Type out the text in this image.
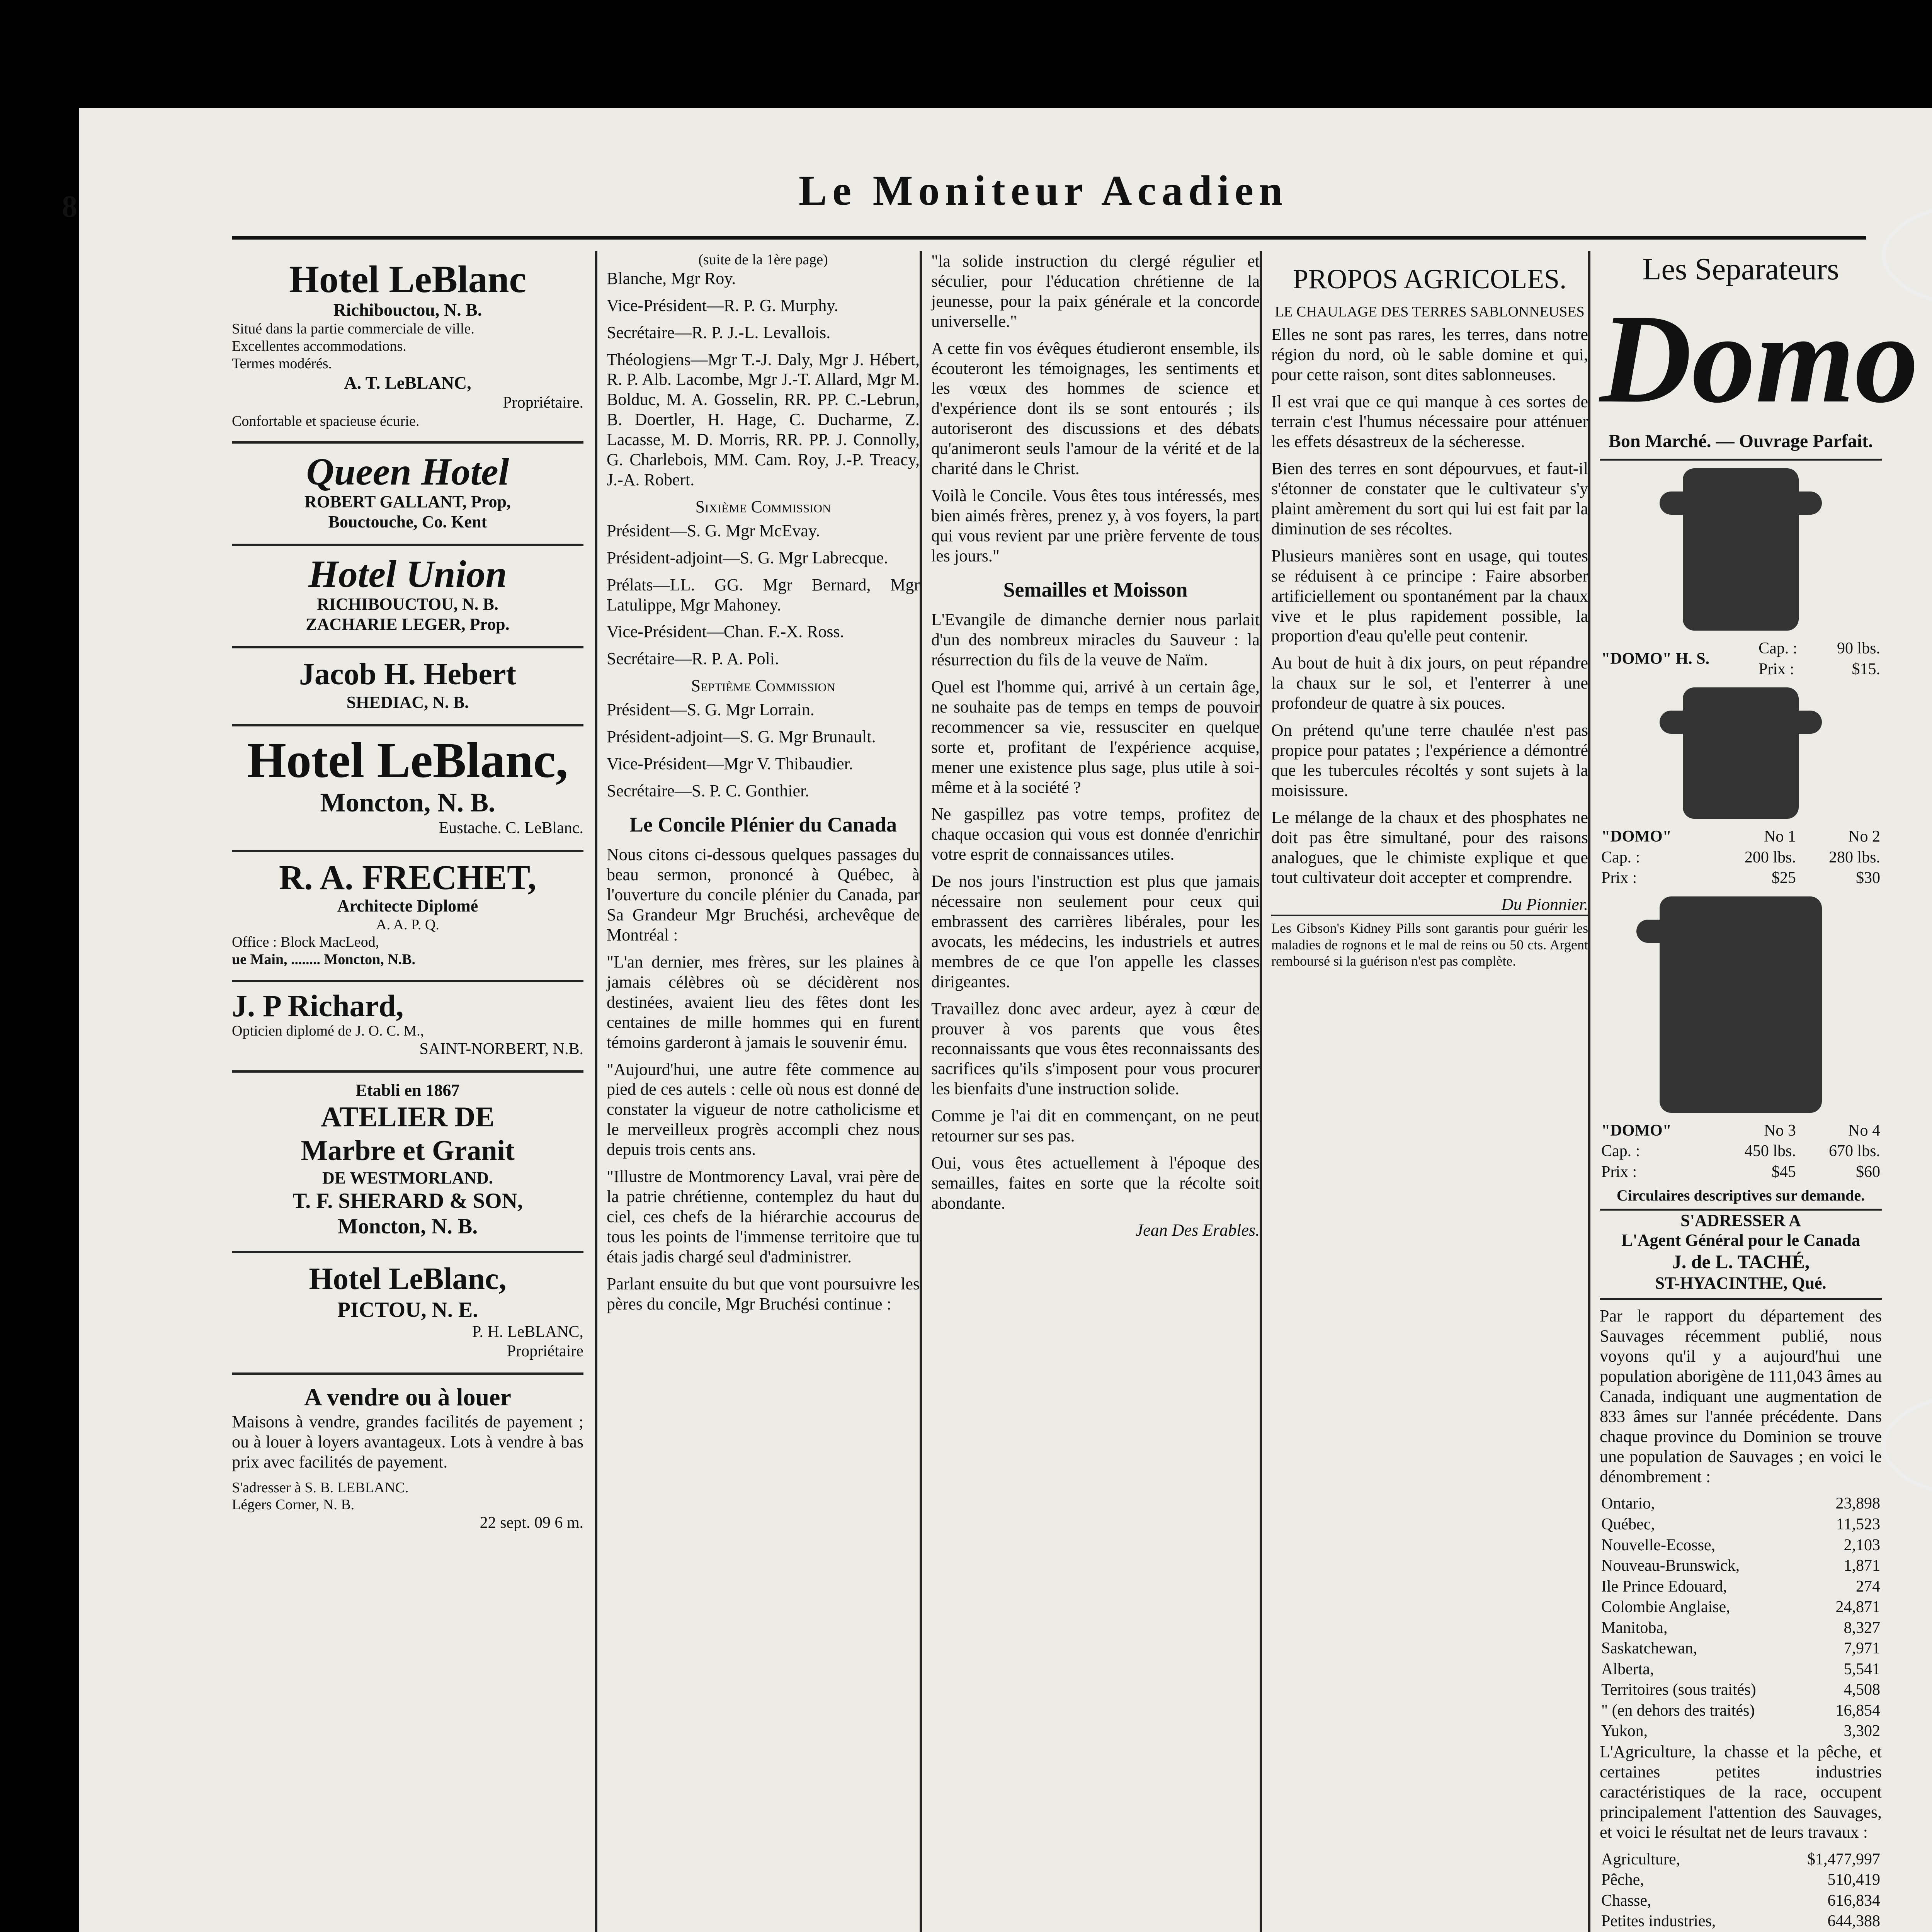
8	Le Moniteur Acadien
Hotel LeBlanc
Richibouctou, N. B.
Situé dans la partie commerciale de ville.
Excellentes accommodations.
Termes modérés.
A. T. LeBLANC,
Propriétaire.
Confortable et spacieuse écurie.
Queen Hotel
ROBERT GALLANT, Prop,
Bouctouche, Co. Kent
Hotel Union
RICHIBOUCTOU, N. B.
ZACHARIE LEGER, Prop.
Jacob H. Hebert
SHEDIAC, N. B.
Hotel LeBlanc,
Moncton, N. B.
Eustache. C. LeBlanc.
R. A. FRECHET,
Architecte Diplomé
A. A. P. Q.
Office : Block MacLeod,
ue Main, ........ Moncton, N.B.
J. P Richard,
Opticien diplomé de J. O. C. M.,
SAINT-NORBERT, N.B.
Etabli en 1867
ATELIER DE
Marbre et Granit
DE WESTMORLAND.
T. F. SHERARD & SON,
Moncton, N. B.
Hotel LeBlanc,
PICTOU, N. E.
P. H. LeBLANC,
Propriétaire
A vendre ou à louer

Maisons à vendre, grandes facilités de payement ; ou à louer à loyers avantageux. Lots à vendre à bas prix avec facilités de payement.

S'adresser à S. B. LEBLANC.
Légers Corner, N. B.
22 sept. 09 6 m.
(suite de la 1ère page)

Blanche, Mgr Roy.

Vice-Président—R. P. G. Murphy.

Secrétaire—R. P. J.-L. Levallois.

Théologiens—Mgr T.-J. Daly, Mgr J. Hébert, R. P. Alb. Lacombe, Mgr J.-T. Allard, Mgr M. Bolduc, M. A. Gosselin, RR. PP. C.-Lebrun, B. Doertler, H. Hage, C. Ducharme, Z. Lacasse, M. D. Morris, RR. PP. J. Connolly, G. Charlebois, MM. Cam. Roy, J.-P. Treacy, J.-A. Robert.

Sixième Commission

Président—S. G. Mgr McEvay.

Président-adjoint—S. G. Mgr Labrecque.

Prélats—LL. GG. Mgr Bernard, Mgr Latulippe, Mgr Mahoney.

Vice-Président—Chan. F.-X. Ross.

Secrétaire—R. P. A. Poli.

Septième Commission

Président—S. G. Mgr Lorrain.

Président-adjoint—S. G. Mgr Brunault.

Vice-Président—Mgr V. Thibaudier.

Secrétaire—S. P. C. Gonthier.

Le Concile Plénier du Canada

Nous citons ci-dessous quelques passages du beau sermon, prononcé à Québec, à l'ouverture du concile plénier du Canada, par Sa Grandeur Mgr Bruchési, archevêque de Montréal :

"L'an dernier, mes frères, sur les plaines à jamais célèbres où se décidèrent nos destinées, avaient lieu des fêtes dont les centaines de mille hommes qui en furent témoins garderont à jamais le souvenir ému.

"Aujourd'hui, une autre fête commence au pied de ces autels : celle où nous est donné de constater la vigueur de notre catholicisme et le merveilleux progrès accompli chez nous depuis trois cents ans.

"Illustre de Montmorency Laval, vrai père de la patrie chrétienne, contemplez du haut du ciel, ces chefs de la hiérarchie accourus de tous les points de l'immense territoire que tu étais jadis chargé seul d'administrer.

Parlant ensuite du but que vont poursuivre les pères du concile, Mgr Bruchési continue :

"la solide instruction du clergé régulier et séculier, pour l'éducation chrétienne de la jeunesse, pour la paix générale et la concorde universelle."

A cette fin vos évêques étudieront ensemble, ils écouteront les témoignages, les sentiments et les vœux des hommes de science et d'expérience dont ils se sont entourés ; ils autoriseront des discussions et des débats qu'animeront seuls l'amour de la vérité et de la charité dans le Christ.

Voilà le Concile. Vous êtes tous intéressés, mes bien aimés frères, prenez y, à vos foyers, la part qui vous revient par une prière fervente de tous les jours."

Semailles et Moisson

L'Evangile de dimanche dernier nous parlait d'un des nombreux miracles du Sauveur : la résurrection du fils de la veuve de Naïm.

Quel est l'homme qui, arrivé à un certain âge, ne souhaite pas de temps en temps de pouvoir recommencer sa vie, ressusciter en quelque sorte et, profitant de l'expérience acquise, mener une existence plus sage, plus utile à soi-même et à la société ?

Ne gaspillez pas votre temps, profitez de chaque occasion qui vous est donnée d'enrichir votre esprit de connaissances utiles.

De nos jours l'instruction est plus que jamais nécessaire non seulement pour ceux qui embrassent des carrières libérales, pour les avocats, les médecins, les industriels et autres membres de ce que l'on appelle les classes dirigeantes.

Travaillez donc avec ardeur, ayez à cœur de prouver à vos parents que vous êtes reconnaissants que vous êtes reconnaissants des sacrifices qu'ils s'imposent pour vous procurer les bienfaits d'une instruction solide.

Comme je l'ai dit en commençant, on ne peut retourner sur ses pas.

Oui, vous êtes actuellement à l'époque des semailles, faites en sorte que la récolte soit abondante.

Jean Des Erables.
PROPOS AGRICOLES.
LE CHAULAGE DES TERRES SABLONNEUSES

Elles ne sont pas rares, les terres, dans notre région du nord, où le sable domine et qui, pour cette raison, sont dites sablonneuses.

Il est vrai que ce qui manque à ces sortes de terrain c'est l'humus nécessaire pour atténuer les effets désastreux de la sécheresse.

Bien des terres en sont dépourvues, et faut-il s'étonner de constater que le cultivateur s'y plaint amèrement du sort qui lui est fait par la diminution de ses récoltes.

Plusieurs manières sont en usage, qui toutes se réduisent à ce principe : Faire absorber artificiellement ou spontanément par la chaux vive et le plus rapidement possible, la proportion d'eau qu'elle peut contenir.

Au bout de huit à dix jours, on peut répandre la chaux sur le sol, et l'enterrer à une profondeur de quatre à six pouces.

On prétend qu'une terre chaulée n'est pas propice pour patates ; l'expérience a démontré que les tubercules récoltés y sont sujets à la moisissure.

Le mélange de la chaux et des phosphates ne doit pas être simultané, pour des raisons analogues, que le chimiste explique et que tout cultivateur doit accepter et comprendre.

Du Pionnier.

Les Gibson's Kidney Pills sont garantis pour guérir les maladies de rognons et le mal de reins ou 50 cts. Argent remboursé si la guérison n'est pas complète.

Les Separateurs
Domo
Bon Marché. — Ouvrage Parfait.
"DOMO" H. S.	Cap. :	90 lbs.
	Prix :	$15.
"DOMO"	No 1	No 2
Cap. :	200 lbs.	280 lbs.
Prix :	$25	$30
"DOMO"	No 3	No 4
Cap. :	450 lbs.	670 lbs.
Prix :	$45	$60
Circulaires descriptives sur demande.
S'ADRESSER A
L'Agent Général pour le Canada
J. de L. TACHÉ,
ST-HYACINTHE, Qué.

Par le rapport du département des Sauvages récemment publié, nous voyons qu'il y a aujourd'hui une population aborigène de 111,043 âmes au Canada, indiquant une augmentation de 833 âmes sur l'année précédente. Dans chaque province du Dominion se trouve une population de Sauvages ; en voici le dénombrement :

Ontario,	23,898
Québec,	11,523
Nouvelle-Ecosse,	2,103
Nouveau-Brunswick,	1,871
Ile Prince Edouard,	274
Colombie Anglaise,	24,871
Manitoba,	8,327
Saskatchewan,	7,971
Alberta,	5,541
Territoires (sous traités)	4,508
" (en dehors des traités)	16,854
Yukon,	3,302

L'Agriculture, la chasse et la pêche, et certaines petites industries caractéristiques de la race, occupent principalement l'attention des Sauvages, et voici le résultat net de leurs travaux :

Agriculture,	$1,477,997
Pêche,	510,419
Chasse,	616,834
Petites industries,	644,388
